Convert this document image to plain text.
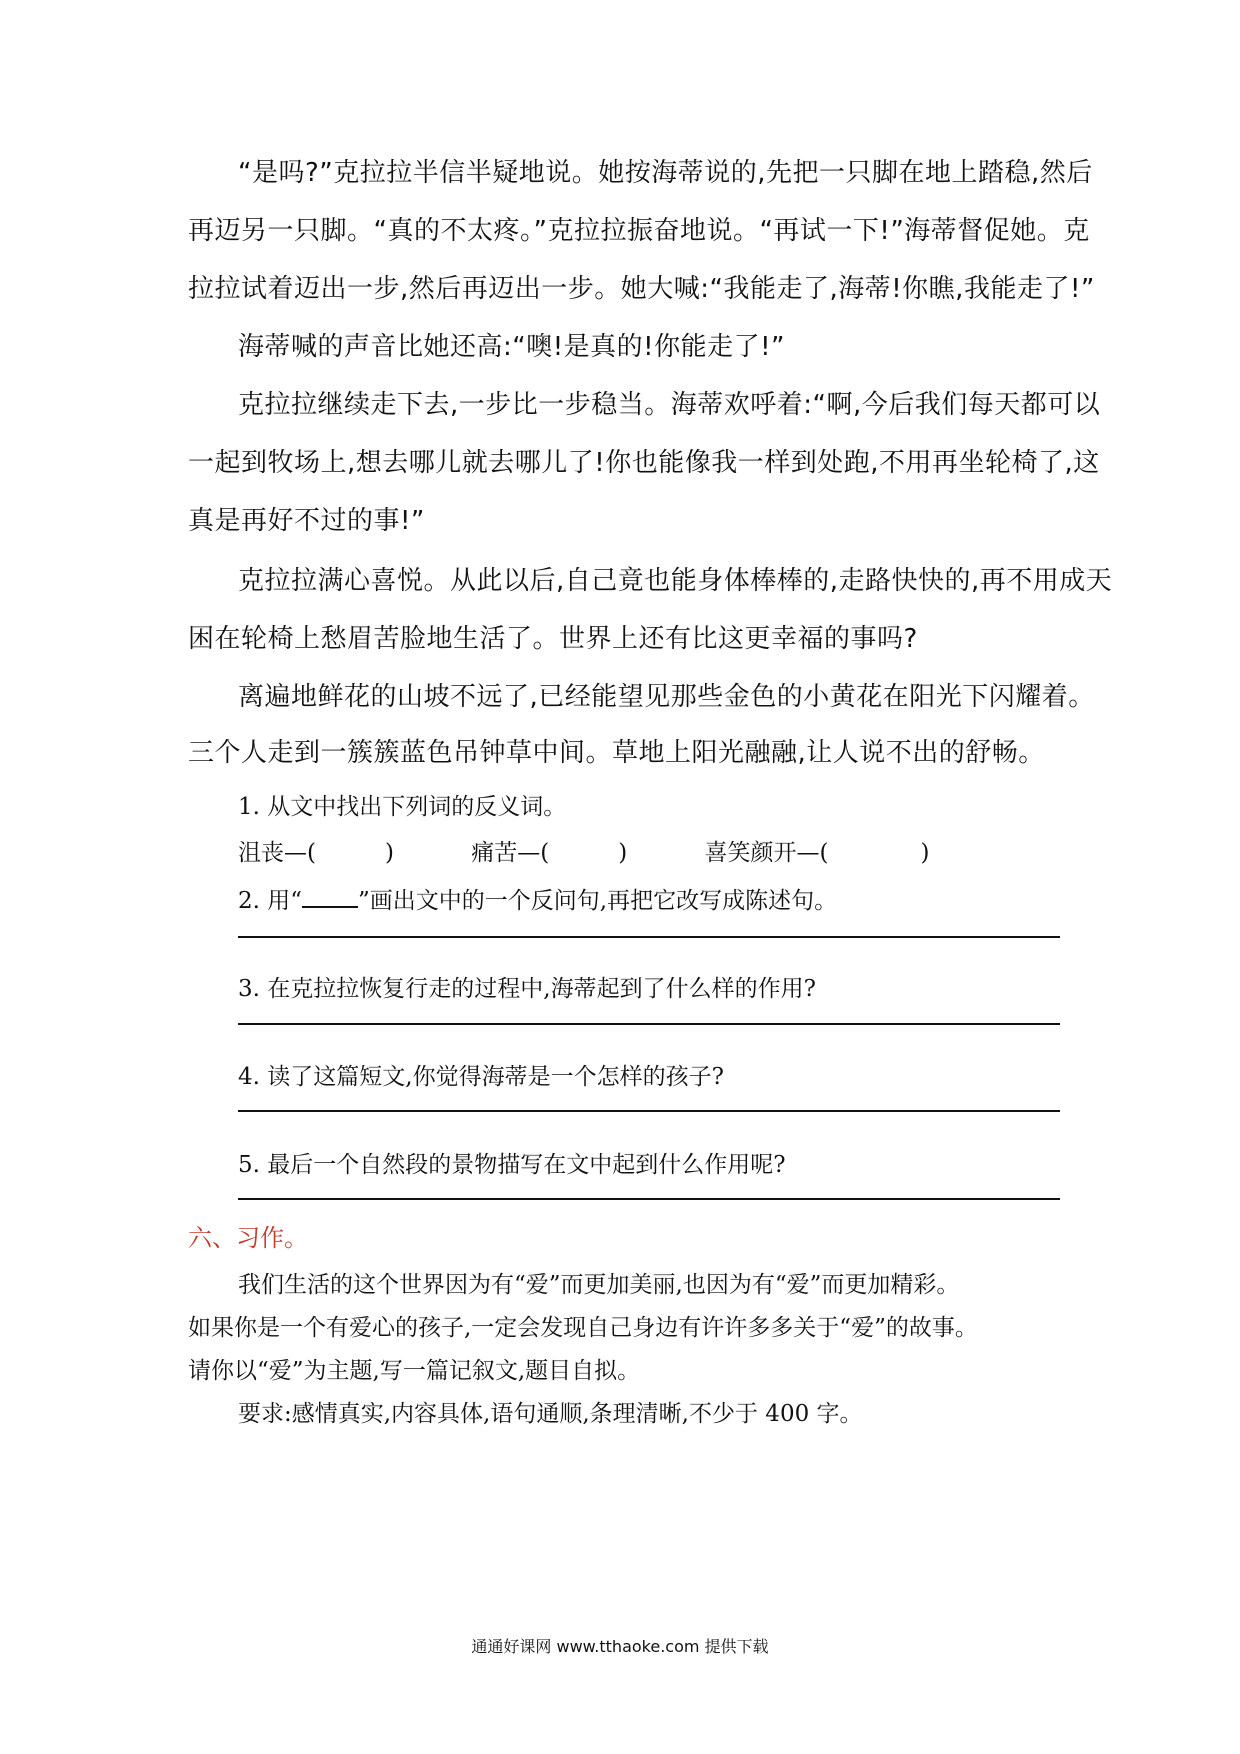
“是吗?”克拉拉半信半疑地说。她按海蒂说的,先把一只脚在地上踏稳,然后
再迈另一只脚。“真的不太疼。”克拉拉振奋地说。“再试一下!”海蒂督促她。克
拉拉试着迈出一步,然后再迈出一步。她大喊:“我能走了,海蒂!你瞧,我能走了!”
海蒂喊的声音比她还高:“噢!是真的!你能走了!”
克拉拉继续走下去,一步比一步稳当。海蒂欢呼着:“啊,今后我们每天都可以
一起到牧场上,想去哪儿就去哪儿了!你也能像我一样到处跑,不用再坐轮椅了,这
真是再好不过的事!”
克拉拉满心喜悦。从此以后,自己竟也能身体棒棒的,走路快快的,再不用成天
困在轮椅上愁眉苦脸地生活了。世界上还有比这更幸福的事吗?
离遍地鲜花的山坡不远了,已经能望见那些金色的小黄花在阳光下闪耀着。
三个人走到一簇簇蓝色吊钟草中间。草地上阳光融融,让人说不出的舒畅。
1. 从文中找出下列词的反义词。
沮丧—(　　　)	痛苦—(　　　)	喜笑颜开—(　　　　)
2. 用“ ”画出文中的一个反问句,再把它改写成陈述句。
3. 在克拉拉恢复行走的过程中,海蒂起到了什么样的作用?
4. 读了这篇短文,你觉得海蒂是一个怎样的孩子?
5. 最后一个自然段的景物描写在文中起到什么作用呢?
六、习作。
我们生活的这个世界因为有“爱”而更加美丽,也因为有“爱”而更加精彩。
如果你是一个有爱心的孩子,一定会发现自己身边有许许多多关于“爱”的故事。
请你以“爱”为主题,写一篇记叙文,题目自拟。
要求:感情真实,内容具体,语句通顺,条理清晰,不少于 400 字。
通通好课网 www.tthaoke.com 提供下载
